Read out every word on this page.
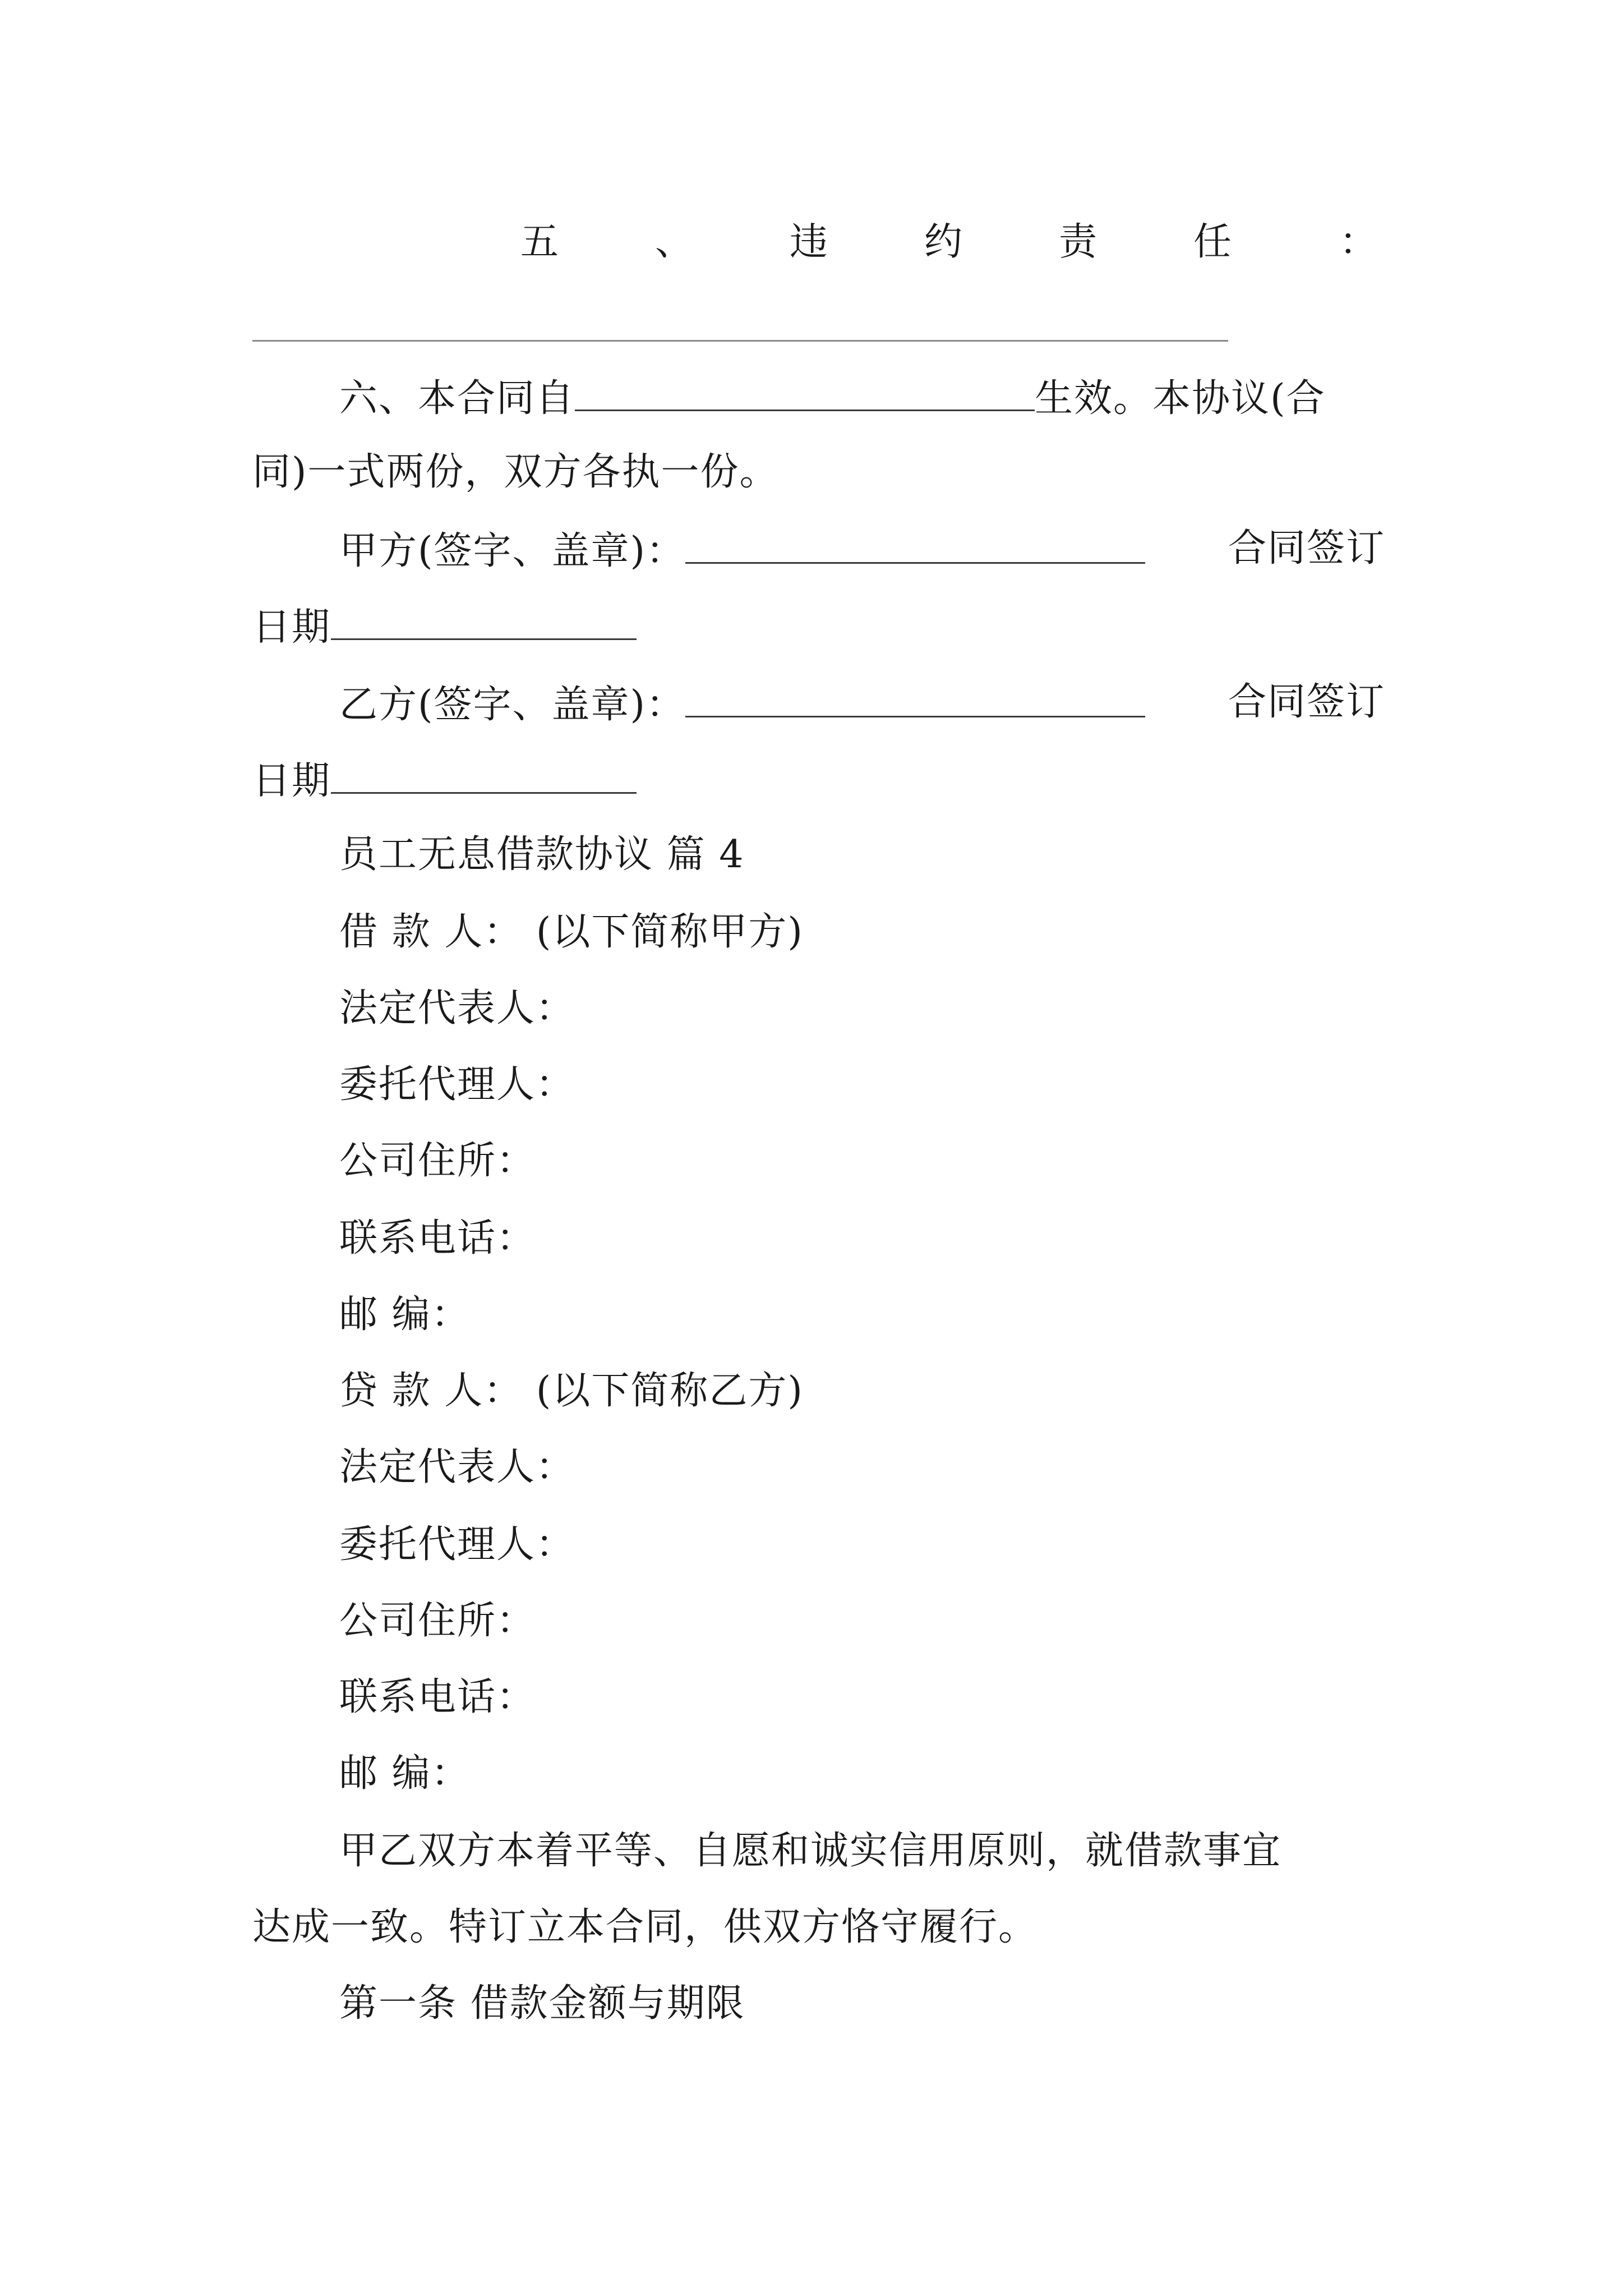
五	、	违	约	责	任	：
六、本合同自	生效。本协议(合
同)一式两份，双方各执一份。
甲方(签字、盖章)：	合同签订
日期
乙方(签字、盖章)：	合同签订
日期
员工无息借款协议 篇 4
借 款 人： (以下简称甲方)
法定代表人：
委托代理人：
公司住所：
联系电话：
邮 编：
贷 款 人： (以下简称乙方)
法定代表人：
委托代理人：
公司住所：
联系电话：
邮 编：
甲乙双方本着平等、自愿和诚实信用原则，就借款事宜
达成一致。特订立本合同，供双方恪守履行。
第一条 借款金额与期限
